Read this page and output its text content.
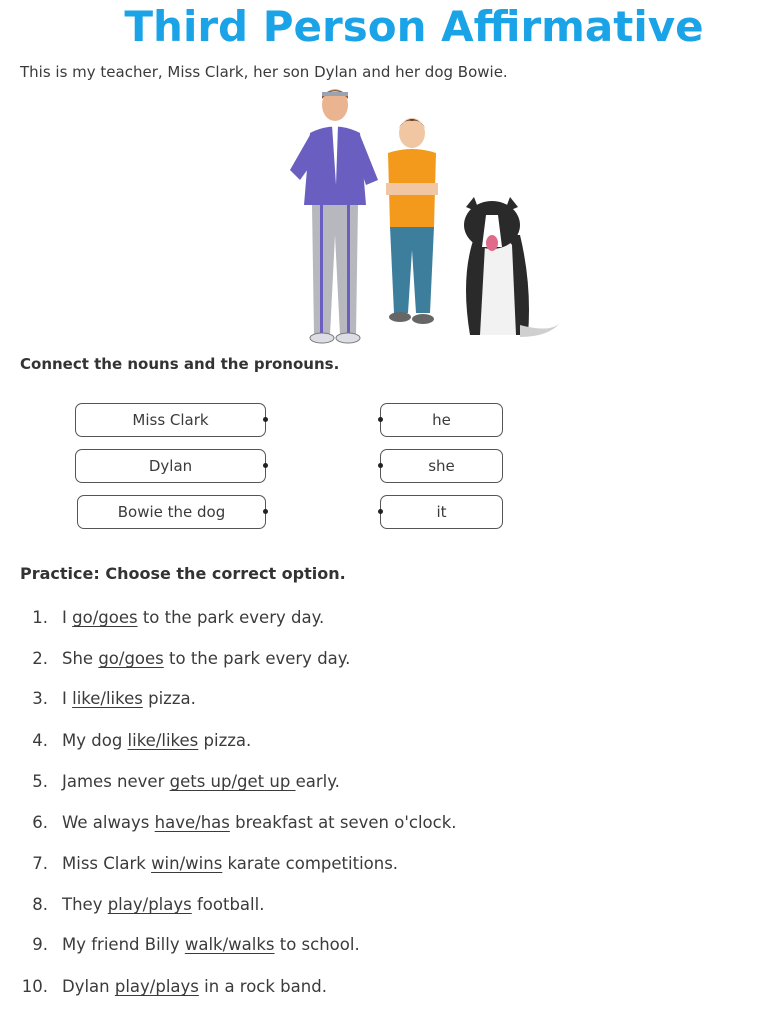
Third Person Affirmative
This is my teacher, Miss Clark, her son Dylan and her dog Bowie.
Connect the nouns and the pronouns.
Miss Clark
Dylan
Bowie the dog
he
she
it
Practice: Choose the correct option.
1. I go/goes to the park every day.
2. She go/goes to the park every day.
3. I like/likes pizza.
4. My dog like/likes pizza.
5. James never gets up/get up early.
6. We always have/has breakfast at seven o'clock.
7. Miss Clark win/wins karate competitions.
8. They play/plays football.
9. My friend Billy walk/walks to school.
10. Dylan play/plays in a rock band.
